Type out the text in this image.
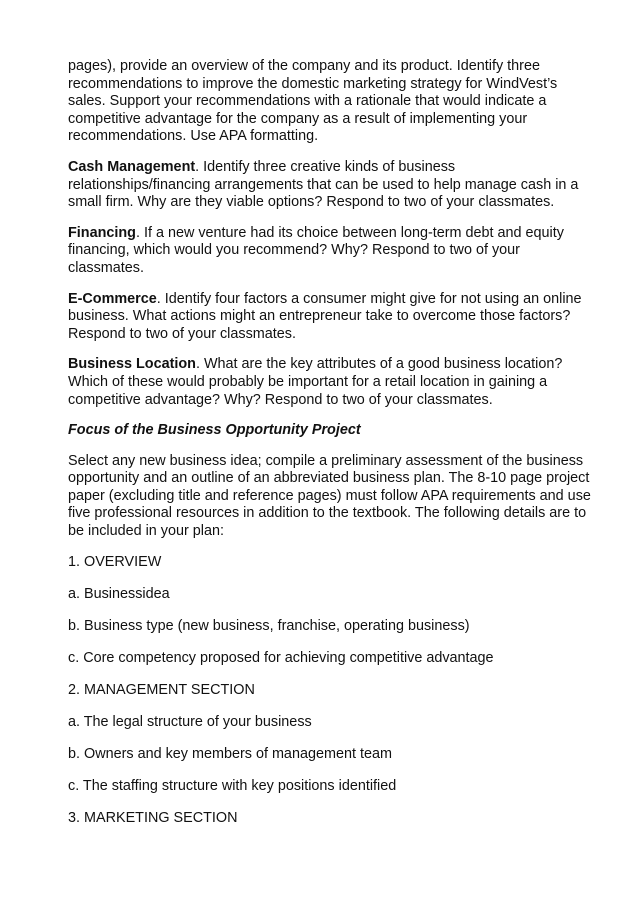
pages), provide an overview of the company and its product. Identify three recommendations to improve the domestic marketing strategy for WindVest’s sales. Support your recommendations with a rationale that would indicate a competitive advantage for the company as a result of implementing your recommendations. Use APA formatting.

Cash Management. Identify three creative kinds of business relationships/financing arrangements that can be used to help manage cash in a small firm. Why are they viable options? Respond to two of your classmates.

Financing. If a new venture had its choice between long-term debt and equity financing, which would you recommend? Why? Respond to two of your classmates.

E-Commerce. Identify four factors a consumer might give for not using an online business. What actions might an entrepreneur take to overcome those factors? Respond to two of your classmates.

Business Location. What are the key attributes of a good business location? Which of these would probably be important for a retail location in gaining a competitive advantage? Why? Respond to two of your classmates.

Focus of the Business Opportunity Project

Select any new business idea; compile a preliminary assessment of the business opportunity and an outline of an abbreviated business plan. The 8-10 page project paper (excluding title and reference pages) must follow APA requirements and use five professional resources in addition to the textbook. The following details are to be included in your plan:

1. OVERVIEW

a. Businessidea

b. Business type (new business, franchise, operating business)

c. Core competency proposed for achieving competitive advantage

2. MANAGEMENT SECTION

a. The legal structure of your business

b. Owners and key members of management team

c. The staffing structure with key positions identified

3. MARKETING SECTION
